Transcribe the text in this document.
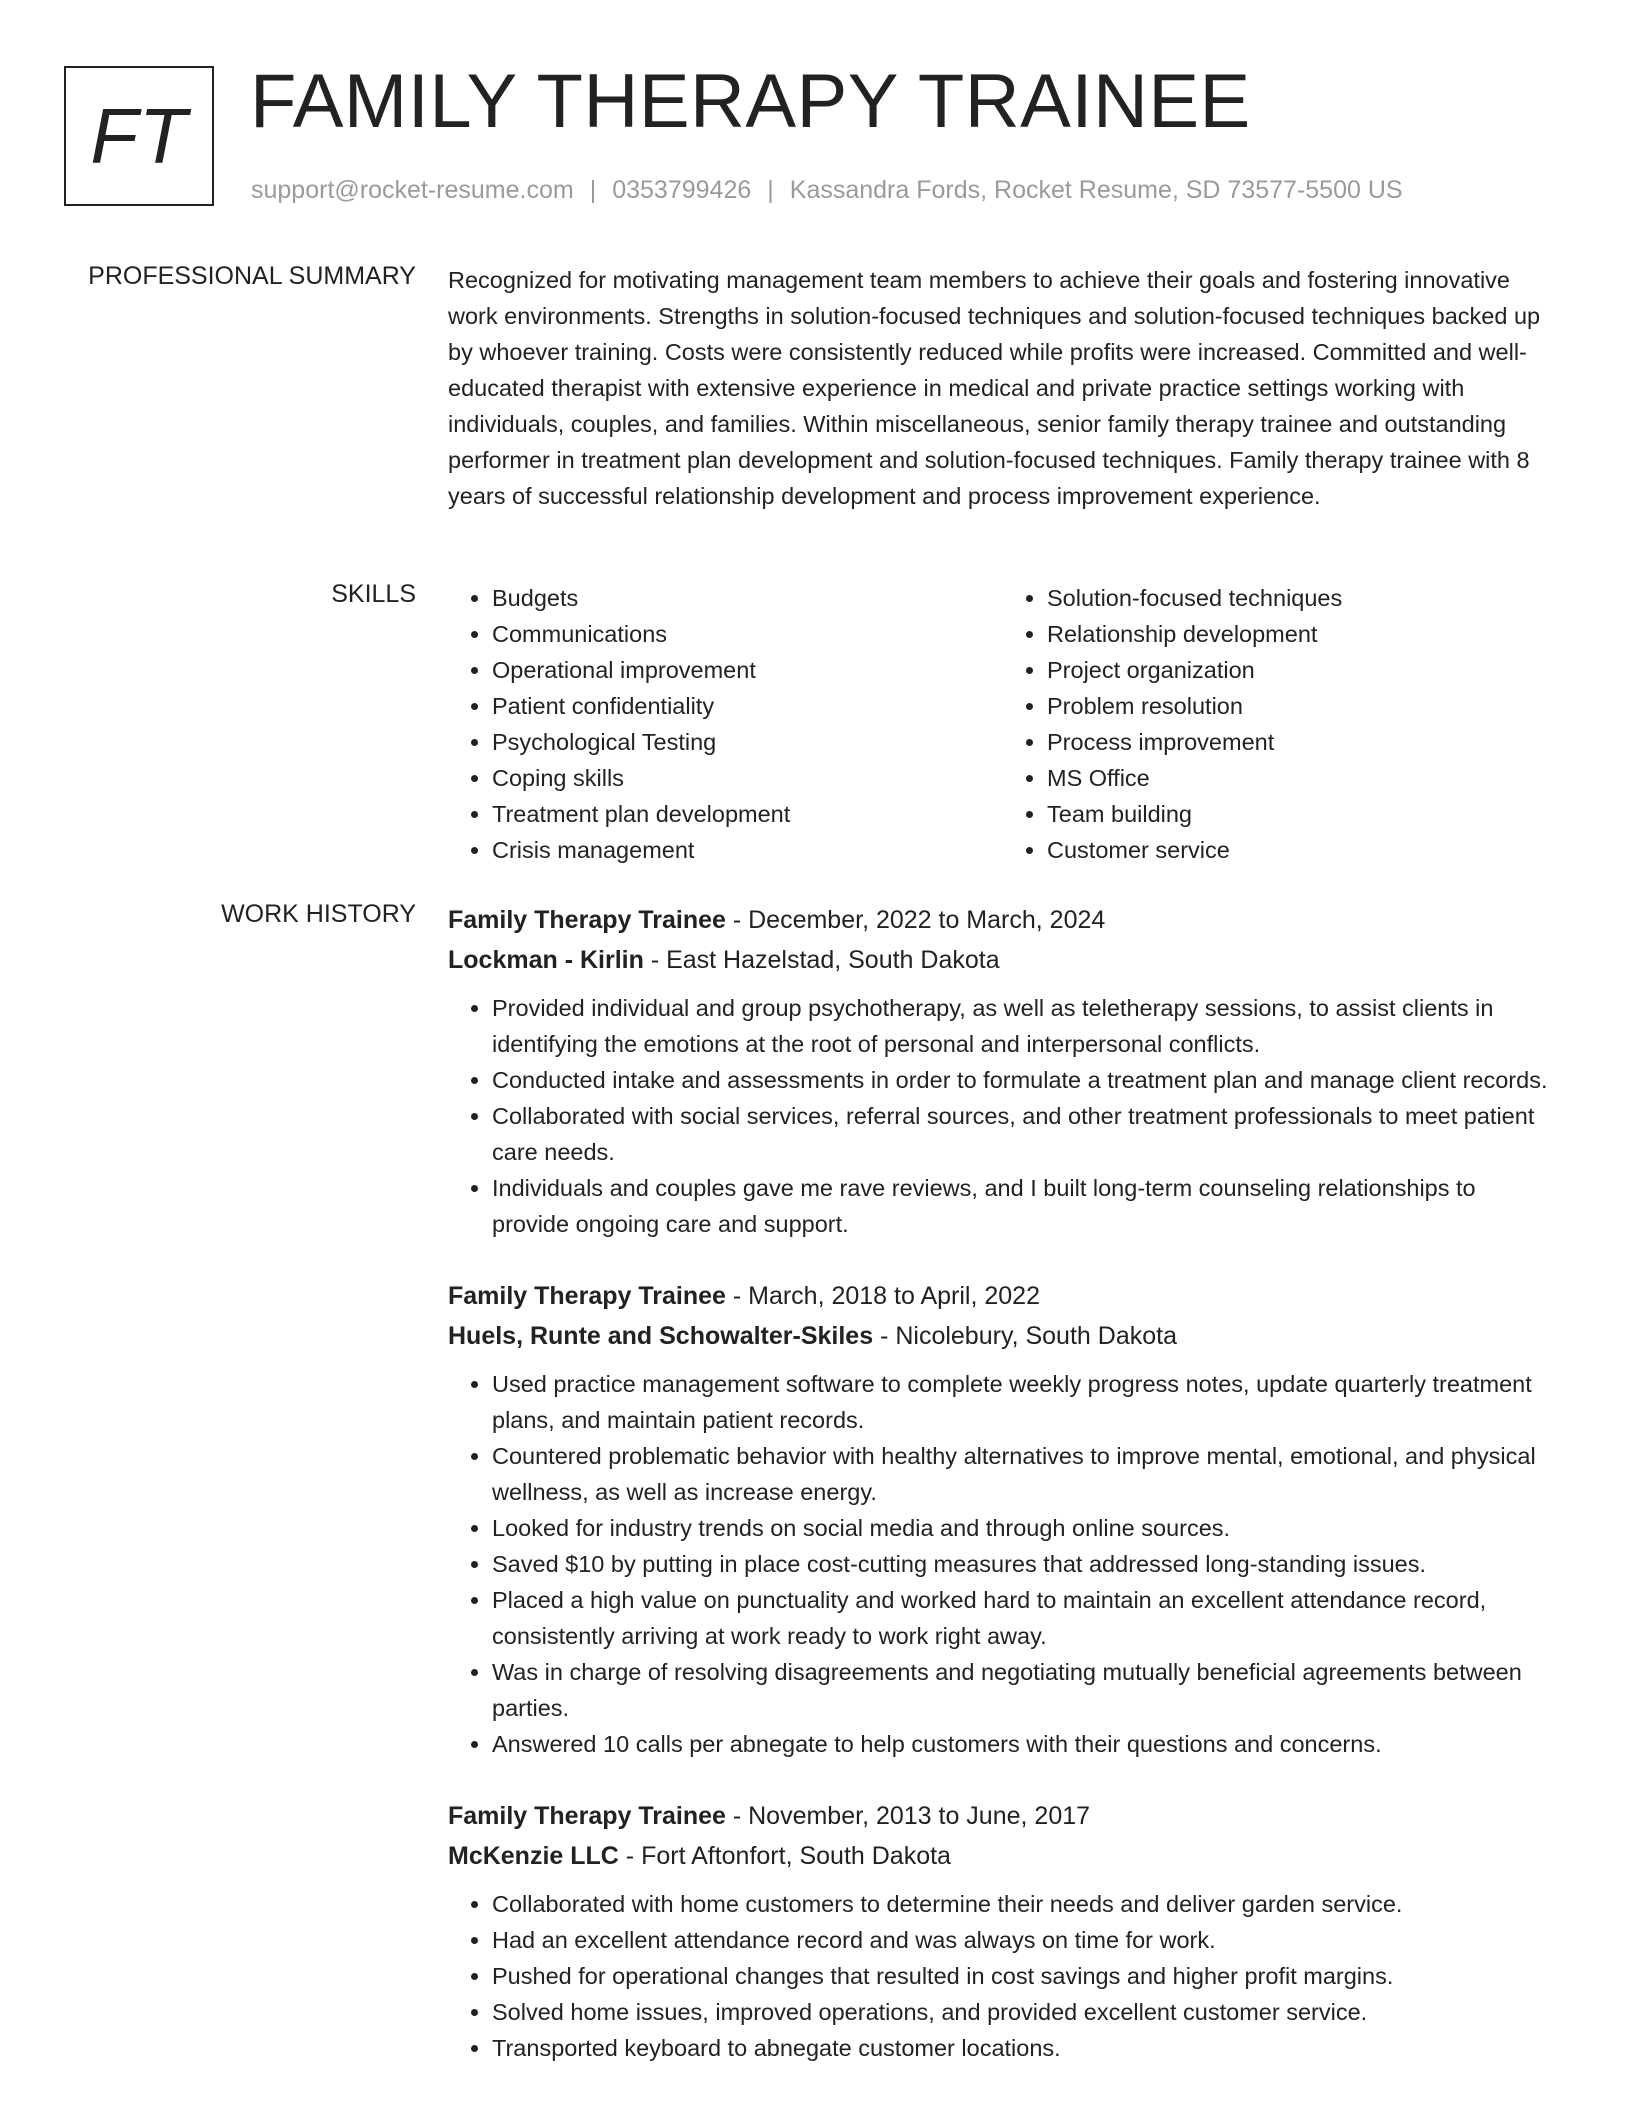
FT FAMILY THERAPY TRAINEE
support@rocket-resume.com | 0353799426 | Kassandra Fords, Rocket Resume, SD 73577-5500 US
PROFESSIONAL SUMMARY Recognized for motivating management team members to achieve their goals and fostering innovative work environments. Strengths in solution-focused techniques and solution-focused techniques backed up by whoever training. Costs were consistently reduced while profits were increased. Committed and well-educated therapist with extensive experience in medical and private practice settings working with individuals, couples, and families. Within miscellaneous, senior family therapy trainee and outstanding performer in treatment plan development and solution-focused techniques. Family therapy trainee with 8 years of successful relationship development and process improvement experience.

SKILLS
•	Budgets
• Communications
• Operational improvement
• Patient confidentiality
• Psychological Testing
• Coping skills
• Treatment plan development
• Crisis management
• Solution-focused techniques
• Relationship development
• Project organization
• Problem resolution
• Process improvement
• MS Office
• Team building
• Customer service
WORK HISTORY Family Therapy Trainee - December, 2022 to March, 2024
Lockman - Kirlin - East Hazelstad, South Dakota
• Provided individual and group psychotherapy, as well as teletherapy sessions, to assist clients in identifying the emotions at the root of personal and interpersonal conflicts.
• Conducted intake and assessments in order to formulate a treatment plan and manage client records.
• Collaborated with social services, referral sources, and other treatment professionals to meet patient care needs.
• Individuals and couples gave me rave reviews, and I built long-term counseling relationships to provide ongoing care and support.
Family Therapy Trainee - March, 2018 to April, 2022
Huels, Runte and Schowalter-Skiles - Nicolebury, South Dakota
• Used practice management software to complete weekly progress notes, update quarterly treatment plans, and maintain patient records.
• Countered problematic behavior with healthy alternatives to improve mental, emotional, and physical wellness, as well as increase energy.
• Looked for industry trends on social media and through online sources.
• Saved $10 by putting in place cost-cutting measures that addressed long-standing issues.
• Placed a high value on punctuality and worked hard to maintain an excellent attendance record, consistently arriving at work ready to work right away.
• Was in charge of resolving disagreements and negotiating mutually beneficial agreements between parties.
• Answered 10 calls per abnegate to help customers with their questions and concerns.
Family Therapy Trainee - November, 2013 to June, 2017
McKenzie LLC - Fort Aftonfort, South Dakota
• Collaborated with home customers to determine their needs and deliver garden service.
• Had an excellent attendance record and was always on time for work.
• Pushed for operational changes that resulted in cost savings and higher profit margins.
• Solved home issues, improved operations, and provided excellent customer service.
• Transported keyboard to abnegate customer locations.
